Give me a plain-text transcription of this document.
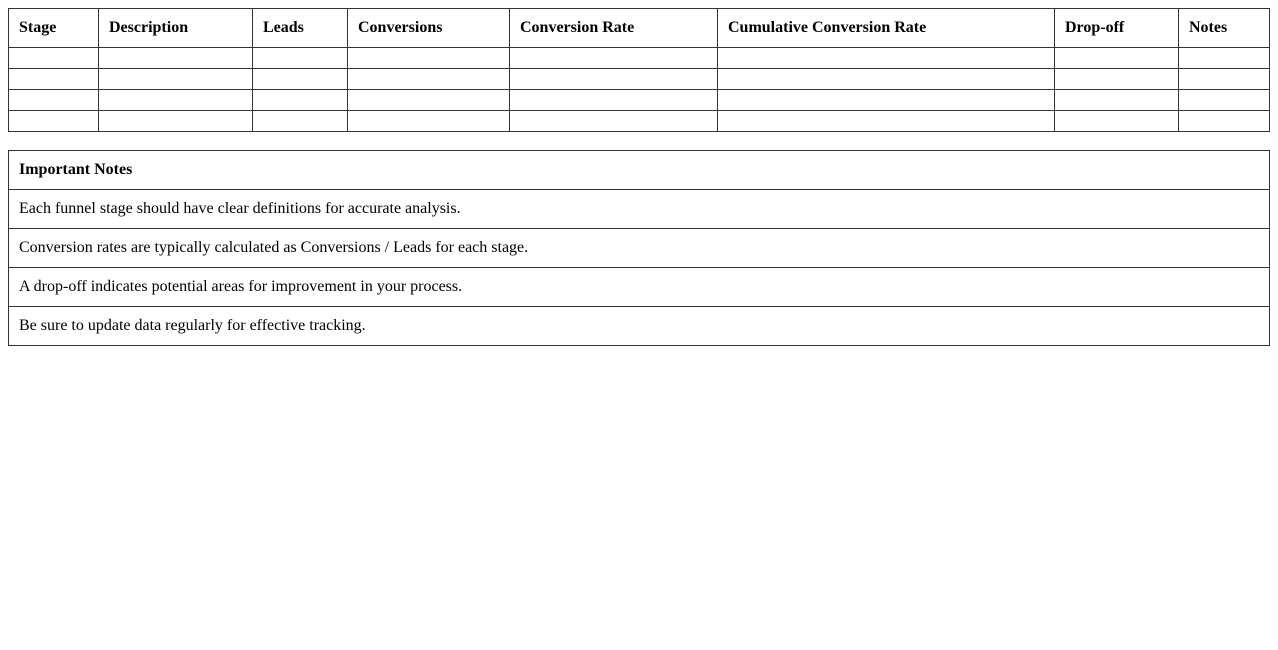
Stage	Description	Leads	Conversions	Conversion Rate	Cumulative Conversion Rate	Drop-off	Notes

Important Notes
Each funnel stage should have clear definitions for accurate analysis.
Conversion rates are typically calculated as Conversions / Leads for each stage.
A drop-off indicates potential areas for improvement in your process.
Be sure to update data regularly for effective tracking.
